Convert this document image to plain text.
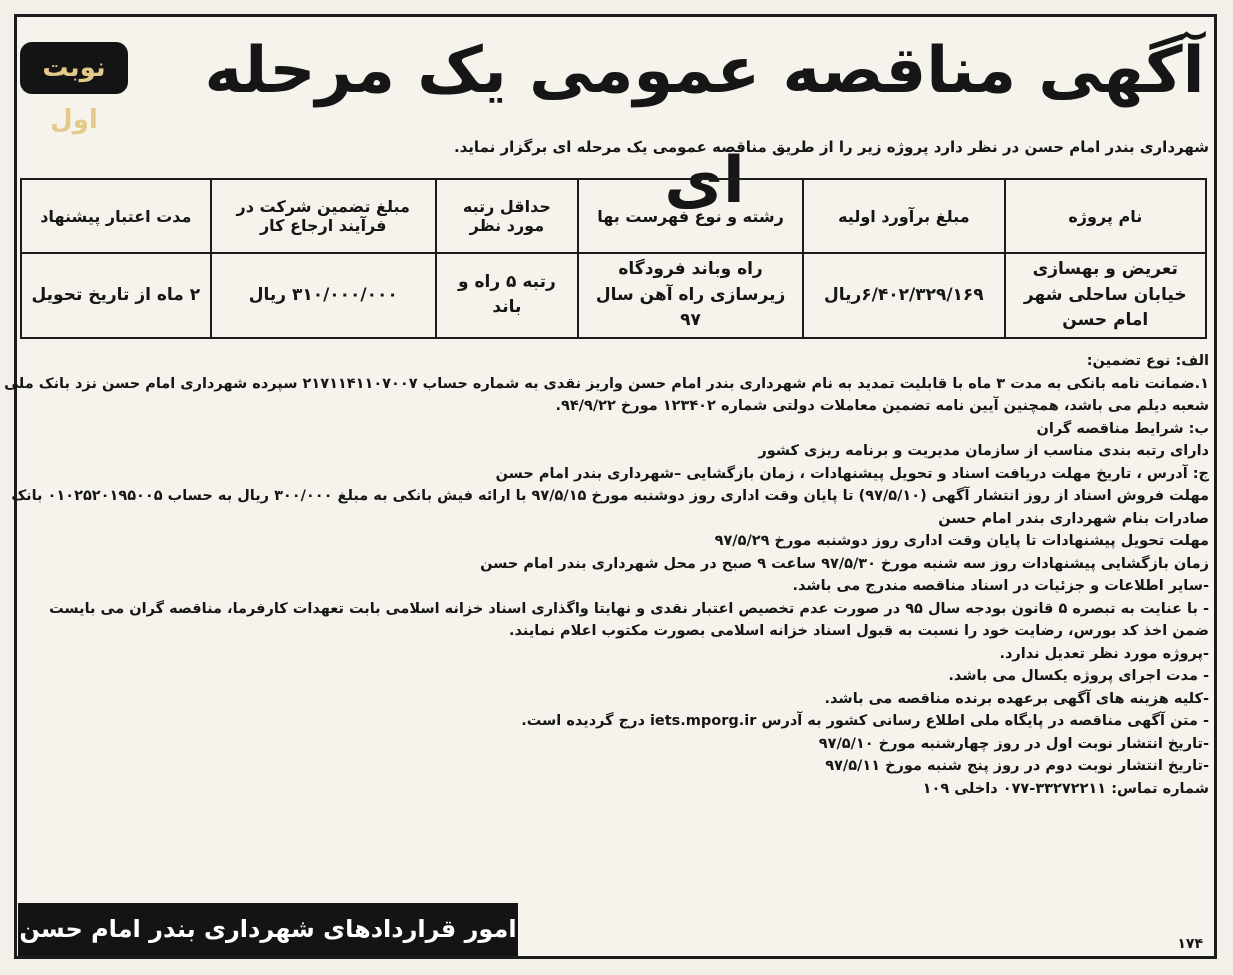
نوبت اول
آگهی مناقصه عمومی یک مرحله ای
شهرداری بندر امام حسن در نظر دارد پروژه زیر را از طریق مناقصه عمومی یک مرحله ای برگزار نماید.
نام پروژه	مبلغ برآورد اولیه	رشته و نوع فهرست بها	حداقل رتبه مورد نظر	مبلغ تضمین شرکت در فرآیند ارجاع کار	مدت اعتبار پیشنهاد
تعریض و بهسازی خیابان ساحلی شهر امام حسن	۶/۴۰۲/۳۲۹/۱۶۹ریال	راه وباند فرودگاه زیرسازی راه آهن سال ۹۷	رتبه ۵ راه و باند	۳۱۰/۰۰۰/۰۰۰ ریال	۲ ماه از تاریخ تحویل

الف: نوع تضمین:

۱.ضمانت نامه بانکی به مدت ۳ ماه با قابلیت تمدید به نام شهرداری بندر امام حسن واریز نقدی به شماره حساب ۲۱۷۱۱۴۱۱۰۷۰۰۷ سپرده شهرداری امام حسن نزد بانک ملی

شعبه دیلم می باشد، همچنین آیین نامه تضمین معاملات دولتی شماره ۱۲۳۴۰۲ مورخ ۹۴/۹/۲۲.

ب: شرایط مناقصه گران

دارای رتبه بندی مناسب از سازمان مدیریت و برنامه ریزی کشور

ج: آدرس ، تاریخ مهلت دریافت اسناد و تحویل پیشنهادات ، زمان بازگشایی –شهرداری بندر امام حسن

مهلت فروش اسناد از روز انتشار آگهی (۹۷/۵/۱۰) تا پایان وقت اداری روز دوشنبه مورخ ۹۷/۵/۱۵ با ارائه فیش بانکی به مبلغ ۳۰۰/۰۰۰ ریال به حساب ۰۱۰۲۵۲۰۱۹۵۰۰۵ بانک

صادرات بنام شهرداری بندر امام حسن

مهلت تحویل پیشنهادات تا پایان وقت اداری روز دوشنبه مورخ ۹۷/۵/۲۹

زمان بازگشایی پیشنهادات روز سه شنبه مورخ ۹۷/۵/۳۰ ساعت ۹ صبح در محل شهرداری بندر امام حسن

-سایر اطلاعات و جزئیات در اسناد مناقصه مندرج می باشد.

- با عنایت به تبصره ۵ قانون بودجه سال ۹۵ در صورت عدم تخصیص اعتبار نقدی و نهایتا واگذاری اسناد خزانه اسلامی بابت تعهدات کارفرما، مناقصه گران می بایست

ضمن اخذ کد بورس، رضایت خود را نسبت به قبول اسناد خزانه اسلامی بصورت مکتوب اعلام نمایند.

-پروژه مورد نظر تعدیل ندارد.

- مدت اجرای پروژه یکسال می باشد.

-کلیه هزینه های آگهی برعهده برنده مناقصه می باشد.

- متن آگهی مناقصه در پایگاه ملی اطلاع رسانی کشور به آدرس iets.mporg.ir درج گردیده است.

-تاریخ انتشار نوبت اول در روز چهارشنبه مورخ ۹۷/۵/۱۰

-تاریخ انتشار نوبت دوم در روز پنج شنبه مورخ ۹۷/۵/۱۱

شماره تماس: ۳۳۲۷۲۲۱۱-۰۷۷ داخلی ۱۰۹

امور قراردادهای شهرداری بندر امام حسن
۱۷۴
